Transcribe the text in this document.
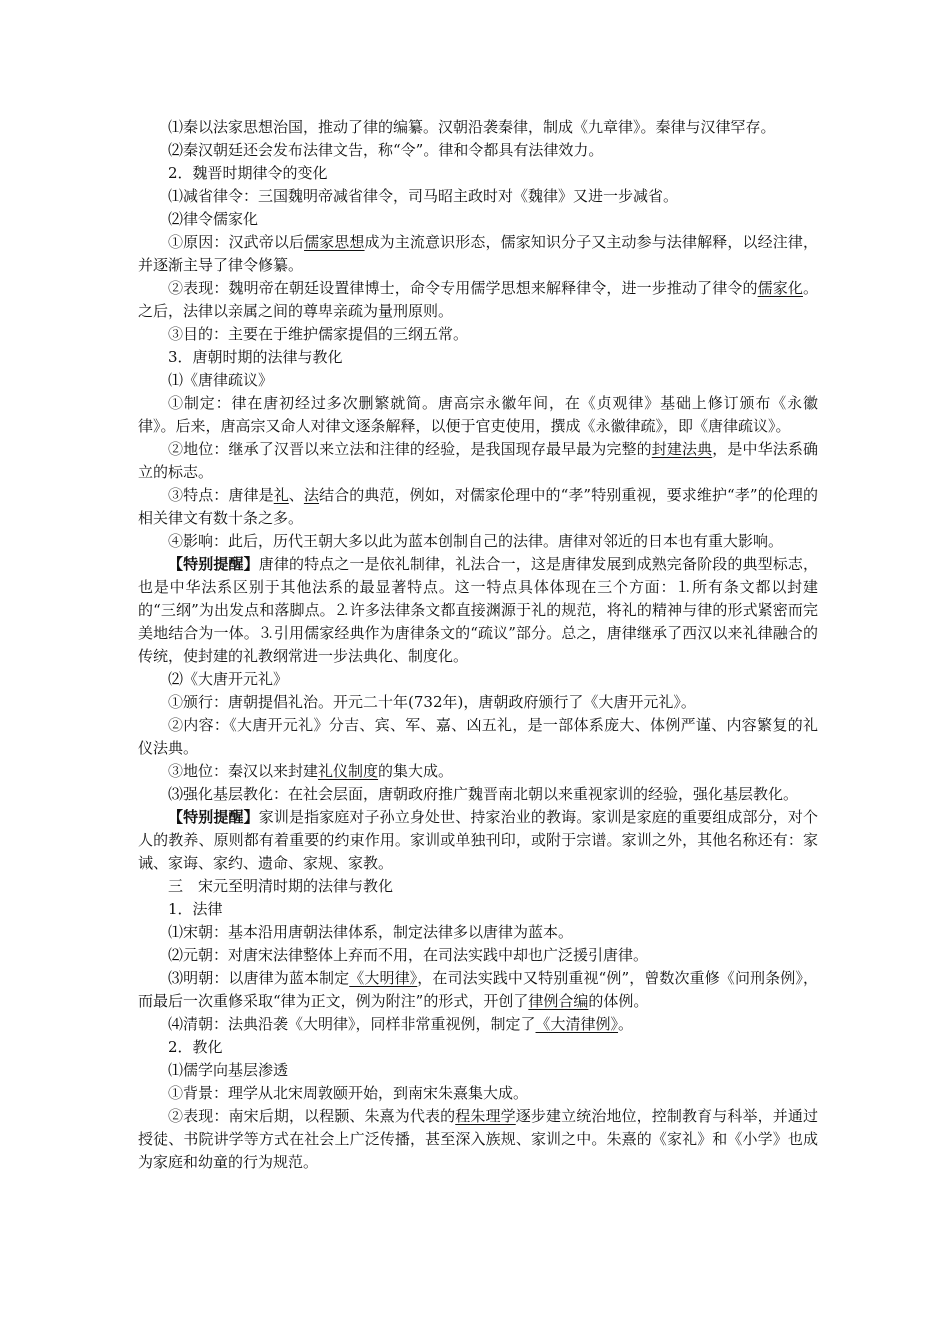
⑴秦以法家思想治国，推动了律的编纂。汉朝沿袭秦律，制成《九章律》。秦律与汉律罕存。

⑵秦汉朝廷还会发布法律文告，称“令”。律和令都具有法律效力。

2．魏晋时期律令的变化

⑴减省律令：三国魏明帝减省律令，司马昭主政时对《魏律》又进一步减省。

⑵律令儒家化

①原因：汉武帝以后儒家思想成为主流意识形态，儒家知识分子又主动参与法律解释，以经注律，并逐渐主导了律令修纂。

②表现：魏明帝在朝廷设置律博士，命令专用儒学思想来解释律令，进一步推动了律令的儒家化。之后，法律以亲属之间的尊卑亲疏为量刑原则。

③目的：主要在于维护儒家提倡的三纲五常。

3．唐朝时期的法律与教化

⑴《唐律疏议》

①制定：律在唐初经过多次删繁就简。唐高宗永徽年间，在《贞观律》基础上修订颁布《永徽律》。后来，唐高宗又命人对律文逐条解释，以便于官吏使用，撰成《永徽律疏》，即《唐律疏议》。

②地位：继承了汉晋以来立法和注律的经验，是我国现存最早最为完整的封建法典，是中华法系确立的标志。

③特点：唐律是礼、法结合的典范，例如，对儒家伦理中的“孝”特别重视，要求维护“孝”的伦理的相关律文有数十条之多。

④影响：此后，历代王朝大多以此为蓝本创制自己的法律。唐律对邻近的日本也有重大影响。

【特别提醒】唐律的特点之一是依礼制律，礼法合一，这是唐律发展到成熟完备阶段的典型标志，也是中华法系区别于其他法系的最显著特点。这一特点具体体现在三个方面：⒈所有条文都以封建的“三纲”为出发点和落脚点。⒉许多法律条文都直接渊源于礼的规范，将礼的精神与律的形式紧密而完美地结合为一体。⒊引用儒家经典作为唐律条文的“疏议”部分。总之，唐律继承了西汉以来礼律融合的传统，使封建的礼教纲常进一步法典化、制度化。

⑵《大唐开元礼》

①颁行：唐朝提倡礼治。开元二十年(732年)，唐朝政府颁行了《大唐开元礼》。

②内容：《大唐开元礼》分吉、宾、军、嘉、凶五礼，是一部体系庞大、体例严谨、内容繁复的礼仪法典。

③地位：秦汉以来封建礼仪制度的集大成。

⑶强化基层教化：在社会层面，唐朝政府推广魏晋南北朝以来重视家训的经验，强化基层教化。

【特别提醒】家训是指家庭对子孙立身处世、持家治业的教诲。家训是家庭的重要组成部分，对个人的教养、原则都有着重要的约束作用。家训或单独刊印，或附于宗谱。家训之外，其他名称还有：家诫、家诲、家约、遗命、家规、家教。

三　宋元至明清时期的法律与教化

1．法律

⑴宋朝：基本沿用唐朝法律体系，制定法律多以唐律为蓝本。

⑵元朝：对唐宋法律整体上弃而不用，在司法实践中却也广泛援引唐律。

⑶明朝：以唐律为蓝本制定《大明律》，在司法实践中又特别重视“例”，曾数次重修《问刑条例》，而最后一次重修采取“律为正文，例为附注”的形式，开创了律例合编的体例。

⑷清朝：法典沿袭《大明律》，同样非常重视例，制定了《大清律例》。

2．教化

⑴儒学向基层渗透

①背景：理学从北宋周敦颐开始，到南宋朱熹集大成。

②表现：南宋后期，以程颢、朱熹为代表的程朱理学逐步建立统治地位，控制教育与科举，并通过授徒、书院讲学等方式在社会上广泛传播，甚至深入族规、家训之中。朱熹的《家礼》和《小学》也成为家庭和幼童的行为规范。
